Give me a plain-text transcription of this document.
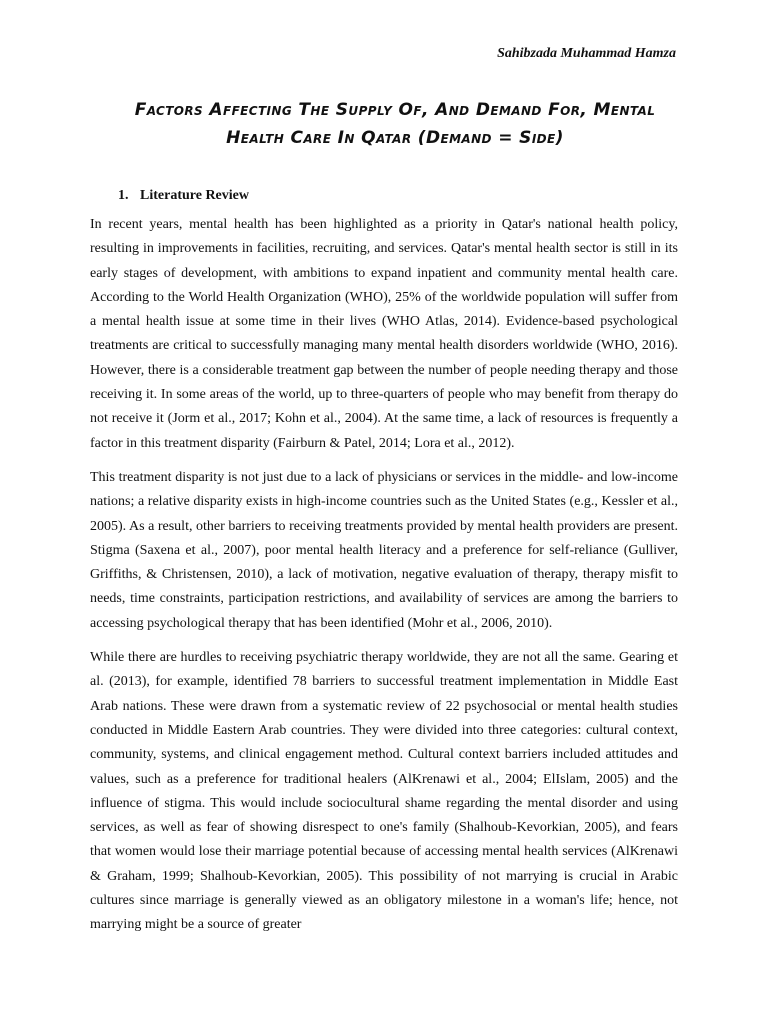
Sahibzada Muhammad Hamza
Factors Affecting The Supply Of, And Demand For, Mental Health Care In Qatar (Demand = Side)
1. Literature Review

In recent years, mental health has been highlighted as a priority in Qatar's national health policy, resulting in improvements in facilities, recruiting, and services. Qatar's mental health sector is still in its early stages of development, with ambitions to expand inpatient and community mental health care. According to the World Health Organization (WHO), 25% of the worldwide population will suffer from a mental health issue at some time in their lives (WHO Atlas, 2014). Evidence-based psychological treatments are critical to successfully managing many mental health disorders worldwide (WHO, 2016). However, there is a considerable treatment gap between the number of people needing therapy and those receiving it. In some areas of the world, up to three-quarters of people who may benefit from therapy do not receive it (Jorm et al., 2017; Kohn et al., 2004). At the same time, a lack of resources is frequently a factor in this treatment disparity (Fairburn & Patel, 2014; Lora et al., 2012).

This treatment disparity is not just due to a lack of physicians or services in the middle- and low-income nations; a relative disparity exists in high-income countries such as the United States (e.g., Kessler et al., 2005). As a result, other barriers to receiving treatments provided by mental health providers are present. Stigma (Saxena et al., 2007), poor mental health literacy and a preference for self-reliance (Gulliver, Griffiths, & Christensen, 2010), a lack of motivation, negative evaluation of therapy, therapy misfit to needs, time constraints, participation restrictions, and availability of services are among the barriers to accessing psychological therapy that has been identified (Mohr et al., 2006, 2010).

While there are hurdles to receiving psychiatric therapy worldwide, they are not all the same. Gearing et al. (2013), for example, identified 78 barriers to successful treatment implementation in Middle East Arab nations. These were drawn from a systematic review of 22 psychosocial or mental health studies conducted in Middle Eastern Arab countries. They were divided into three categories: cultural context, community, systems, and clinical engagement method. Cultural context barriers included attitudes and values, such as a preference for traditional healers (AlKrenawi et al., 2004; ElIslam, 2005) and the influence of stigma. This would include sociocultural shame regarding the mental disorder and using services, as well as fear of showing disrespect to one's family (Shalhoub-Kevorkian, 2005), and fears that women would lose their marriage potential because of accessing mental health services (AlKrenawi & Graham, 1999; Shalhoub-Kevorkian, 2005). This possibility of not marrying is crucial in Arabic cultures since marriage is generally viewed as an obligatory milestone in a woman's life; hence, not marrying might be a source of greater
